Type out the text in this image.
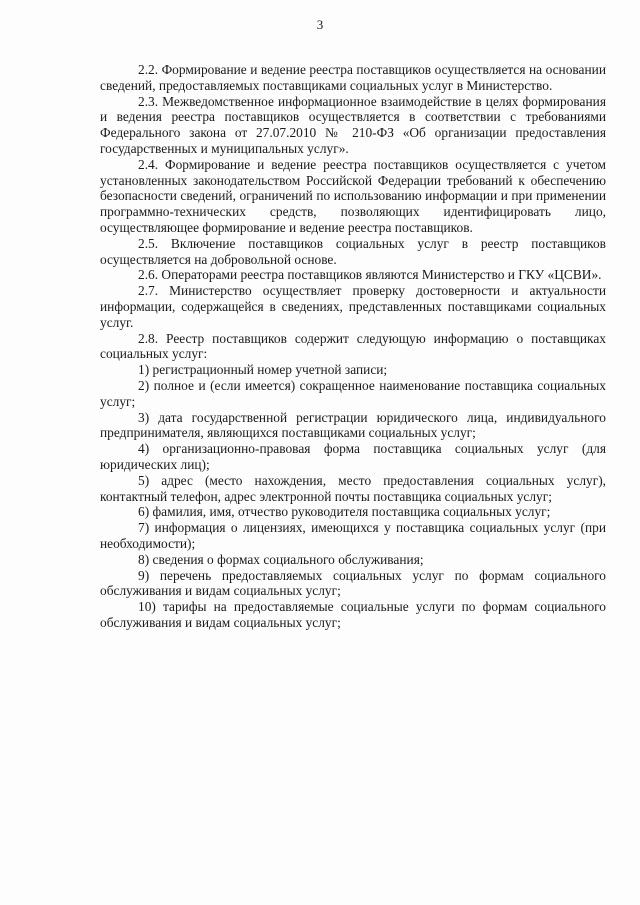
3

2.2. Формирование и ведение реестра поставщиков осуществляется на основании сведений, предоставляемых поставщиками социальных услуг в Министерство.

2.3. Межведомственное информационное взаимодействие в целях формирования и ведения реестра поставщиков осуществляется в соответствии с требованиями Федерального закона от 27.07.2010 № 210-ФЗ «Об организации предоставления государственных и муниципальных услуг».

2.4. Формирование и ведение реестра поставщиков осуществляется с учетом установленных законодательством Российской Федерации требований к обеспечению безопасности сведений, ограничений по использованию информации и при применении программно-технических средств, позволяющих идентифицировать лицо, осуществляющее формирование и ведение реестра поставщиков.

2.5. Включение поставщиков социальных услуг в реестр поставщиков осуществляется на добровольной основе.

2.6. Операторами реестра поставщиков являются Министерство и ГКУ «ЦСВИ».

2.7. Министерство осуществляет проверку достоверности и актуальности информации, содержащейся в сведениях, представленных поставщиками социальных услуг.

2.8. Реестр поставщиков содержит следующую информацию о поставщиках социальных услуг:

1) регистрационный номер учетной записи;

2) полное и (если имеется) сокращенное наименование поставщика социальных услуг;

3) дата государственной регистрации юридического лица, индивидуального предпринимателя, являющихся поставщиками социальных услуг;

4) организационно-правовая форма поставщика социальных услуг (для юридических лиц);

5) адрес (место нахождения, место предоставления социальных услуг), контактный телефон, адрес электронной почты поставщика социальных услуг;

6) фамилия, имя, отчество руководителя поставщика социальных услуг;

7) информация о лицензиях, имеющихся у поставщика социальных услуг (при необходимости);

8) сведения о формах социального обслуживания;

9) перечень предоставляемых социальных услуг по формам социального обслуживания и видам социальных услуг;

10) тарифы на предоставляемые социальные услуги по формам социального обслуживания и видам социальных услуг;
